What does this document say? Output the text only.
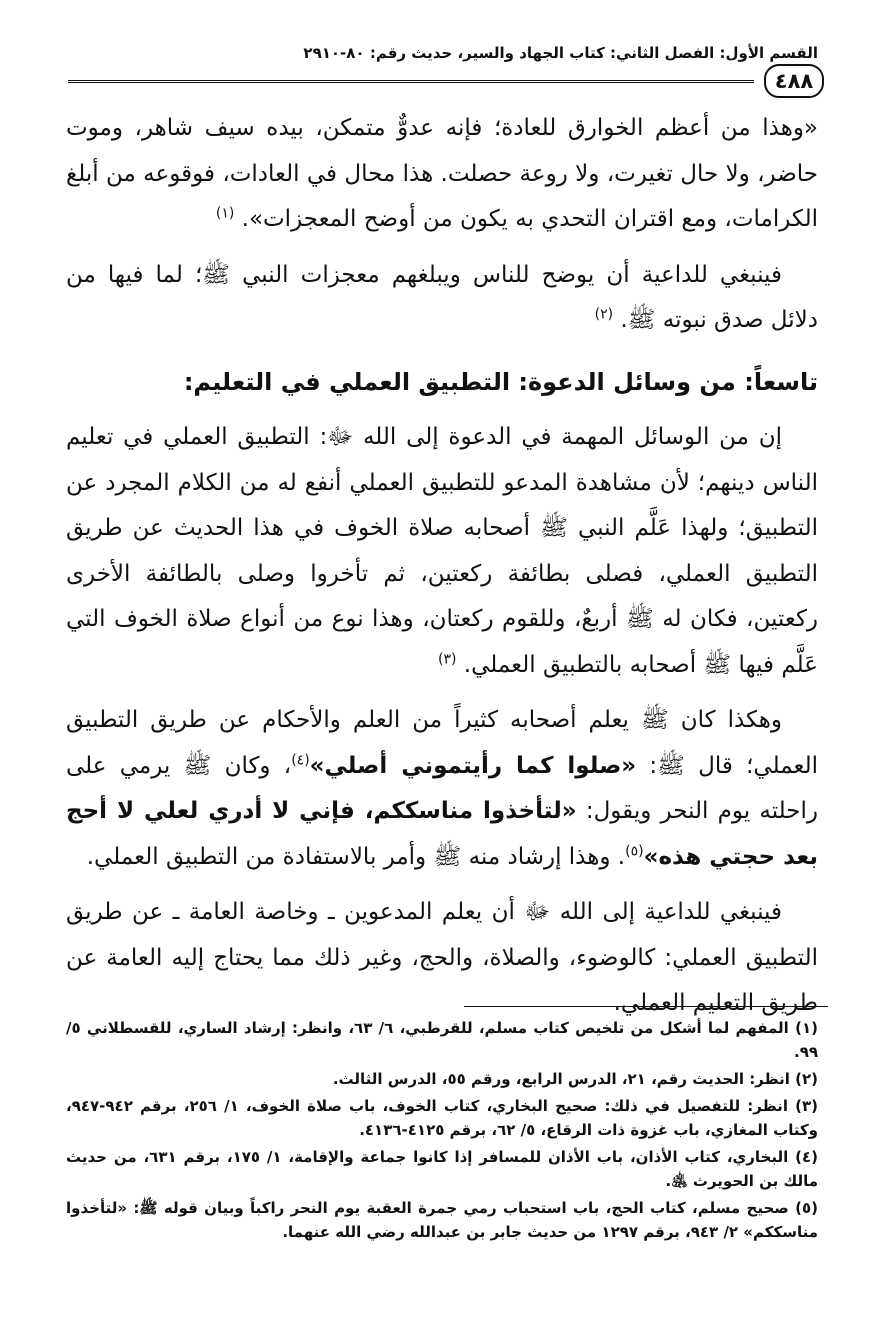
القسم الأول: الفصل الثاني: كتاب الجهاد والسير، حديث رقم: ٨٠-٢٩١٠
٤٨٨

«وهذا من أعظم الخوارق للعادة؛ فإنه عدوٌّ متمكن، بيده سيف شاهر، وموت حاضر، ولا حال تغيرت، ولا روعة حصلت. هذا محال في العادات، فوقوعه من أبلغ الكرامات، ومع اقتران التحدي به يكون من أوضح المعجزات». $^{(١)}$

فينبغي للداعية أن يوضح للناس ويبلغهم معجزات النبي ﷺ؛ لما فيها من دلائل صدق نبوته ﷺ. $^{(٢)}$

تاسعاً: من وسائل الدعوة: التطبيق العملي في التعليم:

إن من الوسائل المهمة في الدعوة إلى الله ﷻ: التطبيق العملي في تعليم الناس دينهم؛ لأن مشاهدة المدعو للتطبيق العملي أنفع له من الكلام المجرد عن التطبيق؛ ولهذا عَلَّم النبي ﷺ أصحابه صلاة الخوف في هذا الحديث عن طريق التطبيق العملي، فصلى بطائفة ركعتين، ثم تأخروا وصلى بالطائفة الأخرى ركعتين، فكان له ﷺ أربعٌ، وللقوم ركعتان، وهذا نوع من أنواع صلاة الخوف التي عَلَّم فيها ﷺ أصحابه بالتطبيق العملي. $^{(٣)}$

وهكذا كان ﷺ يعلم أصحابه كثيراً من العلم والأحكام عن طريق التطبيق العملي؛ قال ﷺ: «صلوا كما رأيتموني أصلي»$^{(٤)}$، وكان ﷺ يرمي على راحلته يوم النحر ويقول: «لتأخذوا مناسككم، فإني لا أدري لعلي لا أحج بعد حجتي هذه»$^{(٥)}$. وهذا إرشاد منه ﷺ وأمر بالاستفادة من التطبيق العملي.

فينبغي للداعية إلى الله ﷻ أن يعلم المدعوين ـ وخاصة العامة ـ عن طريق التطبيق العملي: كالوضوء، والصلاة، والحج، وغير ذلك مما يحتاج إليه العامة عن طريق التعليم العملي.

(١) المفهم لما أشكل من تلخيص كتاب مسلم، للقرطبي، ٦/ ٦٣، وانظر: إرشاد الساري، للقسطلاني ٥/ ٩٩.

(٢) انظر: الحديث رقم، ٢١، الدرس الرابع، ورقم ٥٥، الدرس الثالث.

(٣) انظر: للتفصيل في ذلك: صحيح البخاري، كتاب الخوف، باب صلاة الخوف، ١/ ٢٥٦، برقم ٩٤٢-٩٤٧، وكتاب المغازي، باب غزوة ذات الرقاع، ٥/ ٦٢، برقم ٤١٢٥-٤١٣٦.

(٤) البخاري، كتاب الأذان، باب الأذان للمسافر إذا كانوا جماعة والإقامة، ١/ ١٧٥، برقم ٦٣١، من حديث مالك بن الحويرث ﵁.

(٥) صحيح مسلم، كتاب الحج، باب استحباب رمي جمرة العقبة يوم النحر راكباً وبيان قوله ﷺ: «لتأخذوا مناسككم» ٢/ ٩٤٣، برقم ١٢٩٧ من حديث جابر بن عبدالله رضي الله عنهما.
